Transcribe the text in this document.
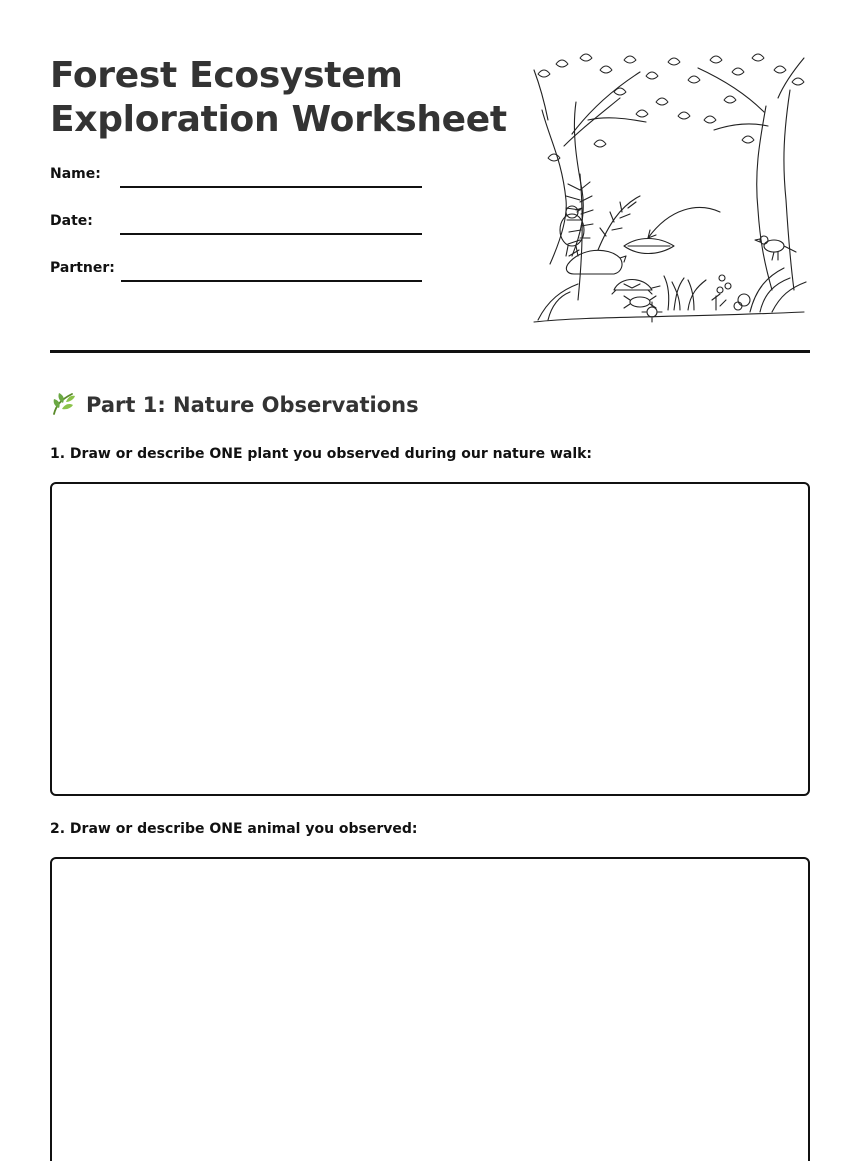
Forest Ecosystem
Exploration Worksheet
Name:
Date:
Partner:
Part 1: Nature Observations
1. Draw or describe ONE plant you observed during our nature walk:
2. Draw or describe ONE animal you observed:
